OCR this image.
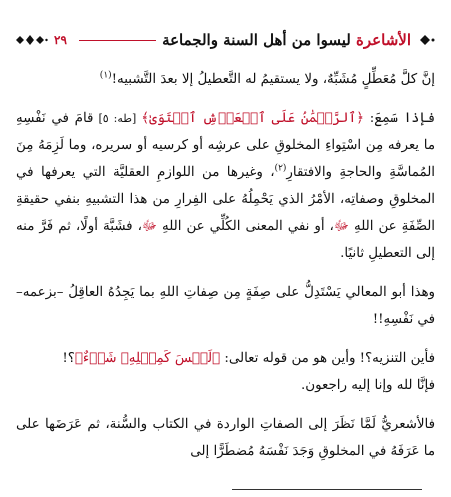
٢٩	الأشاعرة ليسوا من أهل السنة والجماعة

إنَّ كلَّ مُعَطِّلٍ مُشَبِّهٌ، ولا يستقيمُ له التَّعطيلُ إلا بعدَ التَّشبيه!$^{(١)}$

فإذا سَمِعَ: ﴿ٱلرَّحۡمَٰنُ عَلَى ٱلۡعَرۡشِ ٱسۡتَوَىٰ﴾ [طه: ٥] قامَ في نَفْسِهِ ما يعرفه مِن اسْتِواءِ المخلوقِ على عرشِه أو كرسيه أو سريره، وما لَزِمَهُ مِنَ المُماسَّةِ والحاجةِ والافتقارِ$^{(٢)}$، وغيرها من اللوازمِ العقليَّة التي يعرفها في المخلوقِ وصفاتِه، الأمْرُ الذي يَحْمِلُهُ على الفِرارِ من هذا التشبيهِ بنفي حقيقةِ الصِّفَةِ عن اللهِ ﷻ، أو نفي المعنى الكُلِّي عن اللهِ ﷻ، فشَبَّهَ أولًا، ثم فَرَّ منه إلى التعطيلِ ثانيًا.

وهذا أبو المعالي يَسْتَدِلُّ على صِفَةٍ مِن صِفاتِ اللهِ بما يَجِدُهُ العاقِلُ –بزعمه– في نَفْسِهِ!!

فأين التنزيه؟! وأين هو من قوله تعالى: ﴿لَيۡسَ كَمِثۡلِهِۦ شَيۡءٌ﴾؟!

فإنَّا لله وإنا إليه راجعون.

فالأشعريُّ لَمَّا نَظَرَ إلى الصفاتِ الواردة في الكتاب والسُّنة، ثم عَرَضَها على ما عَرَفَهُ في المخلوقِ وَجَدَ نَفْسَهُ مُضطَرًّا إلى
